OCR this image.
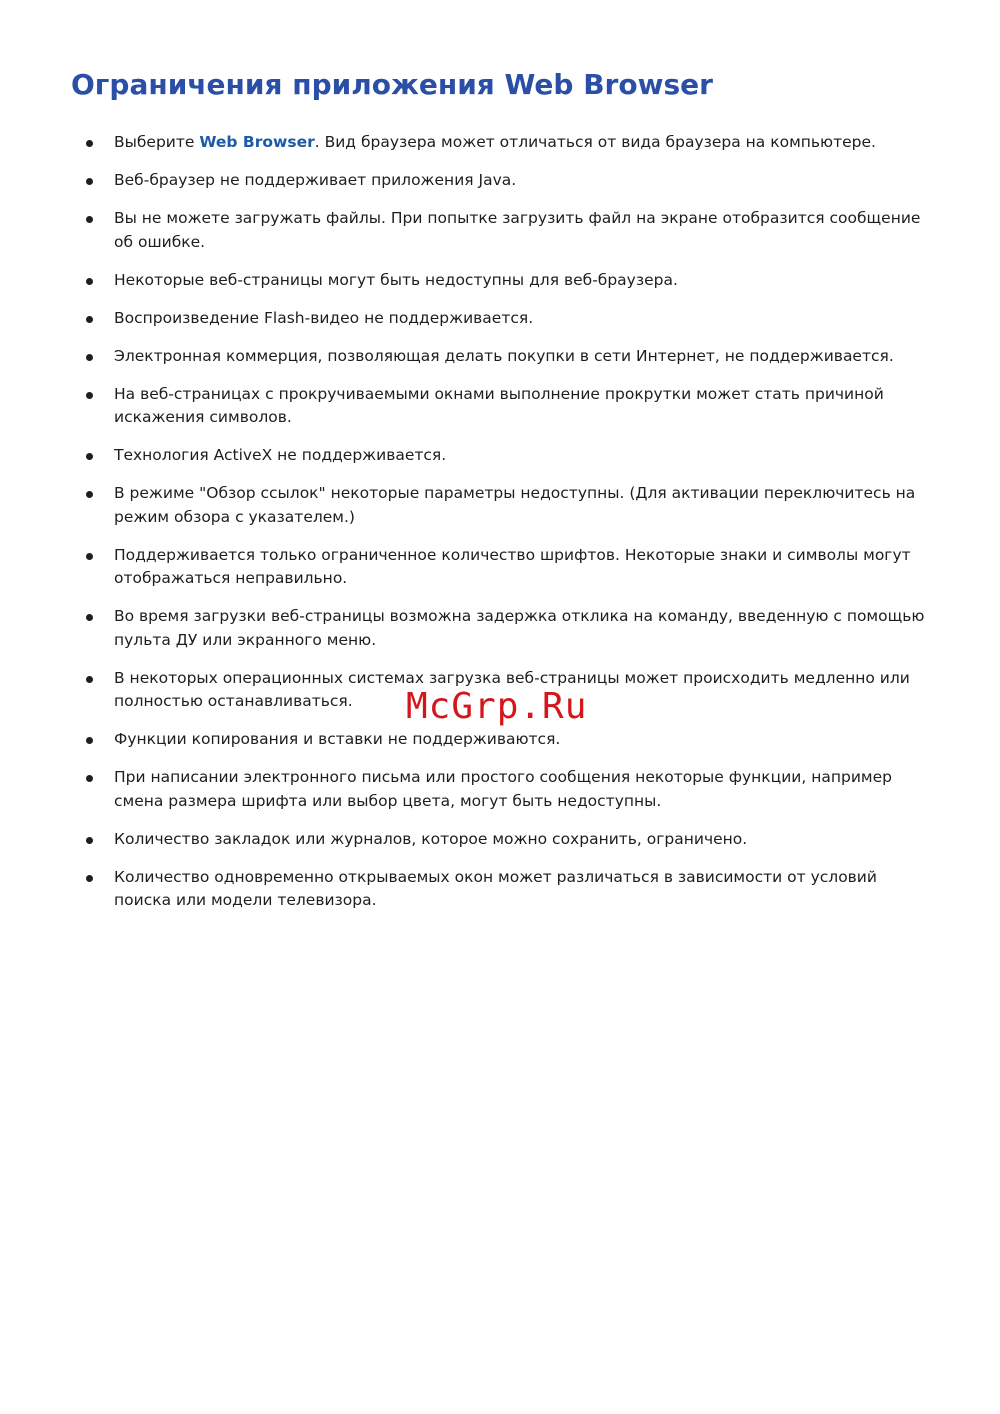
Ограничения приложения Web Browser
Выберите Web Browser. Вид браузера может отличаться от вида браузера на компьютере.
Веб-браузер не поддерживает приложения Java.
Вы не можете загружать файлы. При попытке загрузить файл на экране отобразится сообщение об ошибке.
Некоторые веб-страницы могут быть недоступны для веб-браузера.
Воспроизведение Flash-видео не поддерживается.
Электронная коммерция, позволяющая делать покупки в сети Интернет, не поддерживается.
На веб-страницах с прокручиваемыми окнами выполнение прокрутки может стать причиной искажения символов.
Технология ActiveX не поддерживается.
В режиме "Обзор ссылок" некоторые параметры недоступны. (Для активации переключитесь на режим обзора с указателем.)
Поддерживается только ограниченное количество шрифтов. Некоторые знаки и символы могут отображаться неправильно.
Во время загрузки веб-страницы возможна задержка отклика на команду, введенную с помощью пульта ДУ или экранного меню.
В некоторых операционных системах загрузка веб-страницы может происходить медленно или полностью останавливаться.
Функции копирования и вставки не поддерживаются.
При написании электронного письма или простого сообщения некоторые функции, например смена размера шрифта или выбор цвета, могут быть недоступны.
Количество закладок или журналов, которое можно сохранить, ограничено.
Количество одновременно открываемых окон может различаться в зависимости от условий поиска или модели телевизора.
McGrp.Ru
